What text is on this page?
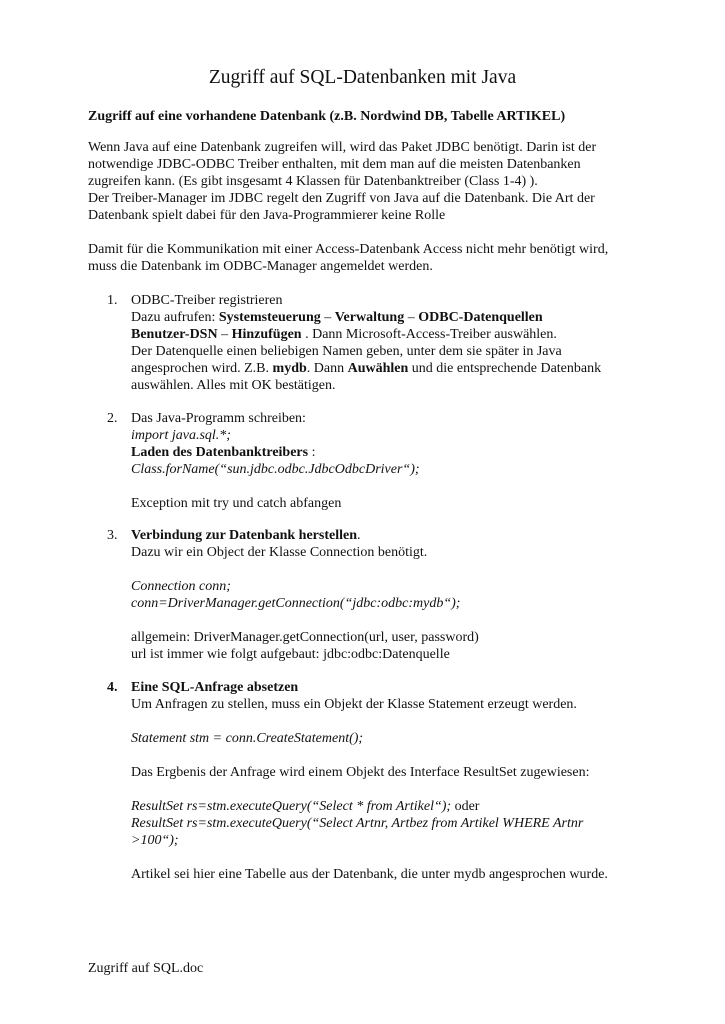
Zugriff auf SQL-Datenbanken mit Java
Zugriff auf eine vorhandene Datenbank (z.B. Nordwind DB, Tabelle ARTIKEL)
Wenn Java auf eine Datenbank zugreifen will, wird das Paket JDBC benötigt. Darin ist der
notwendige JDBC-ODBC Treiber enthalten, mit dem man auf die meisten Datenbanken
zugreifen kann. (Es gibt insgesamt 4 Klassen für Datenbanktreiber (Class 1-4) ).
Der Treiber-Manager im JDBC regelt den Zugriff von Java auf die Datenbank. Die Art der
Datenbank spielt dabei für den Java-Programmierer keine Rolle
Damit für die Kommunikation mit einer Access-Datenbank Access nicht mehr benötigt wird,
muss die Datenbank im ODBC-Manager angemeldet werden.
1. ODBC-Treiber registrieren
Dazu aufrufen: Systemsteuerung – Verwaltung – ODBC-Datenquellen
Benutzer-DSN – Hinzufügen . Dann Microsoft-Access-Treiber auswählen.
Der Datenquelle einen beliebigen Namen geben, unter dem sie später in Java
angesprochen wird. Z.B. mydb. Dann Auwählen und die entsprechende Datenbank
auswählen. Alles mit OK bestätigen.
2. Das Java-Programm schreiben:
import java.sql.*;
Laden des Datenbanktreibers :
Class.forName(“sun.jdbc.odbc.JdbcOdbcDriver“);
Exception mit try und catch abfangen
3. Verbindung zur Datenbank herstellen.
Dazu wir ein Object der Klasse Connection benötigt.
Connection conn;
conn=DriverManager.getConnection(“jdbc:odbc:mydb“);
allgemein: DriverManager.getConnection(url, user, password)
url ist immer wie folgt aufgebaut: jdbc:odbc:Datenquelle
4. Eine SQL-Anfrage absetzen
Um Anfragen zu stellen, muss ein Objekt der Klasse Statement erzeugt werden.
Statement stm = conn.CreateStatement();
Das Ergbenis der Anfrage wird einem Objekt des Interface ResultSet zugewiesen:
ResultSet rs=stm.executeQuery(“Select * from Artikel“); oder
ResultSet rs=stm.executeQuery(“Select Artnr, Artbez from Artikel WHERE Artnr
>100“);
Artikel sei hier eine Tabelle aus der Datenbank, die unter mydb angesprochen wurde.
Zugriff auf SQL.doc
